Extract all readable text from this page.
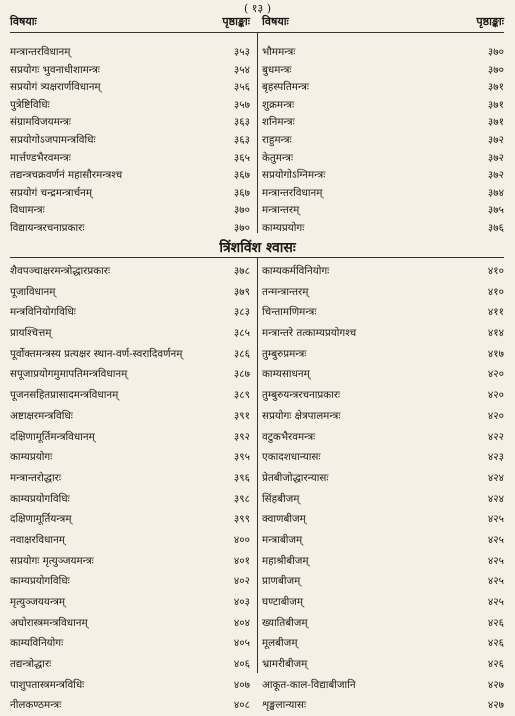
( १३ )
विषयाः	पृष्ठाङ्काः विषयाः	पृष्ठाङ्काः
मन्त्रान्तरविधानम्	३५३
सप्रयोगः भुवनाधीशामन्त्रः	३५४
सप्रयोगं त्र्यक्षरार्णविधानम्	३५६
पुत्रेष्टिविधिः	३५७
संग्रामविजयमन्त्रः	३६३
सप्रयोगोऽजपामन्त्रविधिः	३६३
मार्त्तण्डभैरवमन्त्रः	३६५
तद्यन्त्रचक्रवर्णनं महासौरमन्त्रश्च	३६७
सप्रयोगं चन्द्रमन्त्रार्चनम्	३६७
विधामन्त्रः	३७०
विद्यायन्त्ररचनाप्रकारः	३७०
भौममन्त्रः	३७०
बुधमन्त्रः	३७०
बृहस्पतिमन्त्रः	३७१
शुक्रमन्त्रः	३७१
शनिमन्त्रः	३७१
राहुमन्त्रः	३७२
केतुमन्त्रः	३७२
सप्रयोगोऽग्निमन्त्रः	३७२
मन्त्रान्तरविधानम्	३७४
मन्त्रान्तरम्	३७५
काम्यप्रयोगः	३७६
त्रिंशविंश श्वासः
शैवपञ्चाक्षरमन्त्रोद्धारप्रकारः	३७८
पूजाविधानम्	३७९
मन्त्रविनियोगविधिः	३८३
प्रायश्चित्तम्	३८५
पूर्वोक्तमन्त्रस्य प्रत्यक्षर स्थान-वर्ण-स्वरादिवर्णनम्	३८६
सपूजाप्रयोगमुमापतिमन्त्रविधानम्	३८७
पूजनसहितप्रासादमन्त्रविधानम्	३८९
अष्टाक्षरमन्त्रविधिः	३९१
दक्षिणामूर्तिमन्त्रविधानम्	३९२
काम्यप्रयोगः	३९५
मन्त्रान्तरोद्धारः	३९६
काम्यप्रयोगविधिः	३९८
दक्षिणामूर्तियन्त्रम्	३९९
नवाक्षरविधानम्	४००
सप्रयोगः मृत्युञ्जयमन्त्रः	४०१
काम्यप्रयोगविधिः	४०२
मृत्युञ्जययन्त्रम्	४०३
अघोरास्त्रमन्त्रविधानम्	४०४
काम्यविनियोगः	४०५
तद्यन्त्रोद्धारः	४०६
पाशुपतास्त्रमन्त्रविधिः	४०७
नीलकण्ठमन्त्रः	४०८
काम्यकर्मविनियोगः	४१०
तन्मन्त्रान्तरम्	४१०
चिन्तामणिमन्त्रः	४११
मन्त्रान्तरे तत्काम्यप्रयोगश्च	४१४
तुम्बुरुप्रमन्त्रः	४१७
काम्यसाधनम्	४२०
तुम्बुरुयन्त्ररचनाप्रकारः	४२०
सप्रयोगः क्षेत्रपालमन्त्रः	४२०
वटुकभैरवमन्त्रः	४२२
एकादशधान्यासः	४२३
प्रेतबीजोद्धारन्यासः	४२४
सिंहबीजम्	४२४
क्वाणबीजम्	४२५
मन्त्राबीजम्	४२५
महाश्रीबीजम्	४२५
प्राणबीजम्	४२५
घण्टाबीजम्	४२५
ख्यातिबीजम्	४२६
मूलबीजम्	४२६
भ्रामरीबीजम्	४२६
आकूत-काल-विद्याबीजानि	४२७
शृङ्खलान्यासः	४२७
